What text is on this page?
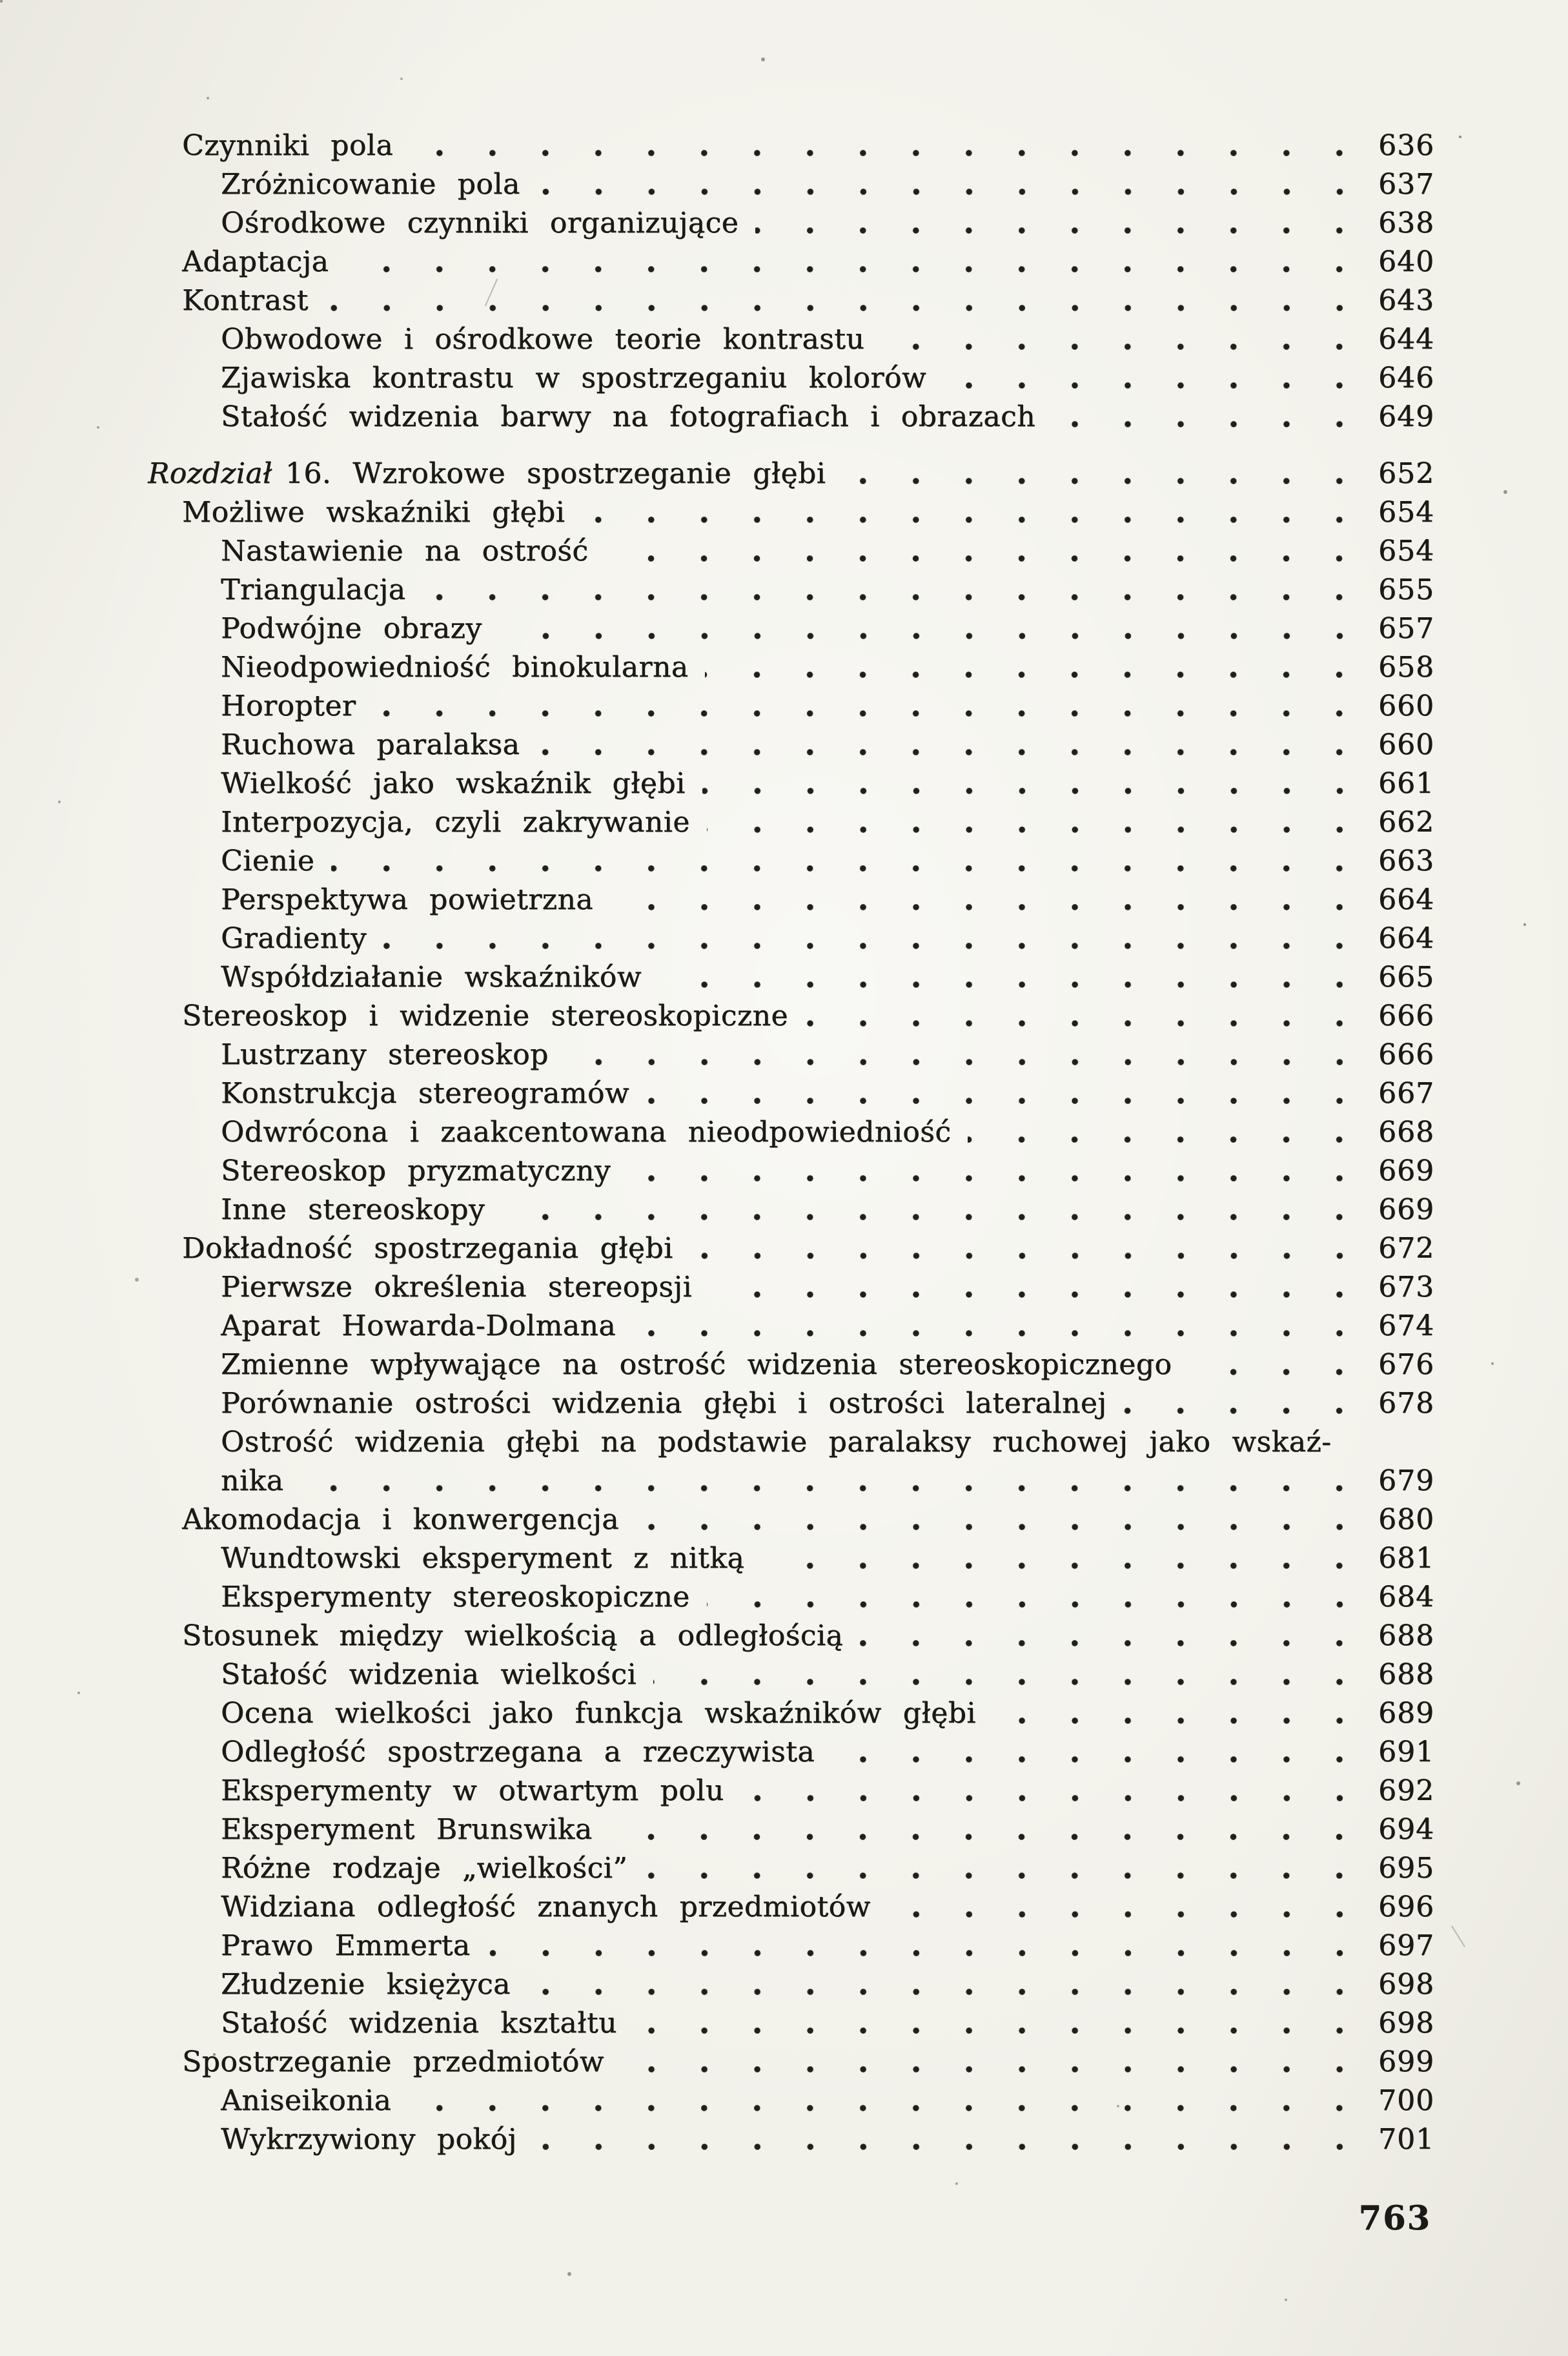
Czynniki pola	636
Zróżnicowanie pola	637
Ośrodkowe czynniki organizujące	638
Adaptacja	640
Kontrast	643
Obwodowe i ośrodkowe teorie kontrastu	644
Zjawiska kontrastu w spostrzeganiu kolorów	646
Stałość widzenia barwy na fotografiach i obrazach	649
Rozdział 16. Wzrokowe spostrzeganie głębi	652
Możliwe wskaźniki głębi	654
Nastawienie na ostrość	654
Triangulacja	655
Podwójne obrazy	657
Nieodpowiedniość binokularna	658
Horopter	660
Ruchowa paralaksa	660
Wielkość jako wskaźnik głębi	661
Interpozycja, czyli zakrywanie	662
Cienie	663
Perspektywa powietrzna	664
Gradienty	664
Współdziałanie wskaźników	665
Stereoskop i widzenie stereoskopiczne	666
Lustrzany stereoskop	666
Konstrukcja stereogramów	667
Odwrócona i zaakcentowana nieodpowiedniość	668
Stereoskop pryzmatyczny	669
Inne stereoskopy	669
Dokładność spostrzegania głębi	672
Pierwsze określenia stereopsji	673
Aparat Howarda-Dolmana	674
Zmienne wpływające na ostrość widzenia stereoskopicznego	676
Porównanie ostrości widzenia głębi i ostrości lateralnej	678
Ostrość widzenia głębi na podstawie paralaksy ruchowej jako wskaź-
nika	679
Akomodacja i konwergencja	680
Wundtowski eksperyment z nitką	681
Eksperymenty stereoskopiczne	684
Stosunek między wielkością a odległością	688
Stałość widzenia wielkości	688
Ocena wielkości jako funkcja wskaźników głębi	689
Odległość spostrzegana a rzeczywista	691
Eksperymenty w otwartym polu	692
Eksperyment Brunswika	694
Różne rodzaje „wielkości”	695
Widziana odległość znanych przedmiotów	696
Prawo Emmerta	697
Złudzenie księżyca	698
Stałość widzenia kształtu	698
Spostrzeganie przedmiotów	699
Aniseikonia	700
Wykrzywiony pokój	701
763
